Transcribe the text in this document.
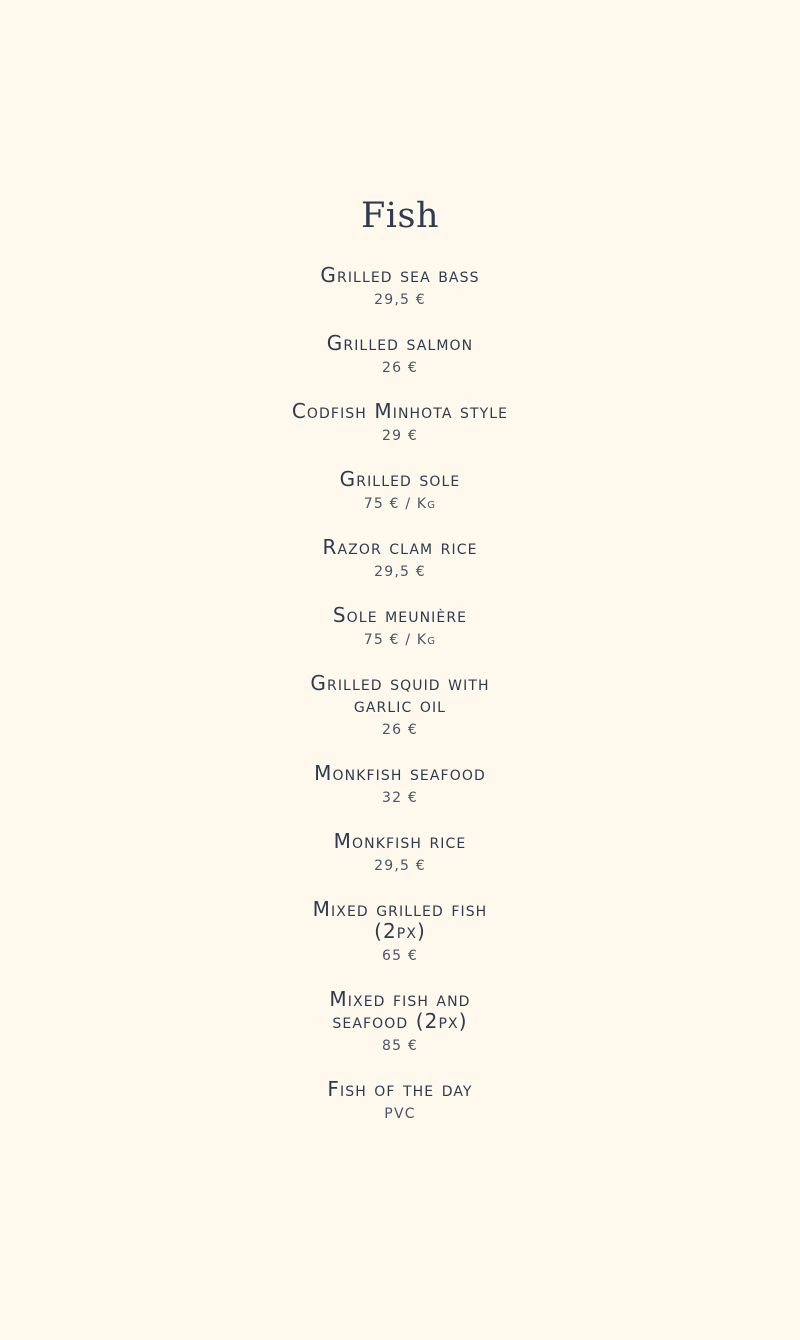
Fish
Grilled sea bass
29,5 €
Grilled salmon
26 €
Codfish Minhota style
29 €
Grilled sole
75 € / Kg
Razor clam rice
29,5 €
Sole meunière
75 € / Kg
Grilled squid with garlic oil
26 €
Monkfish seafood
32 €
Monkfish rice
29,5 €
Mixed grilled fish (2px)
65 €
Mixed fish and seafood (2px)
85 €
Fish of the day
PVC
